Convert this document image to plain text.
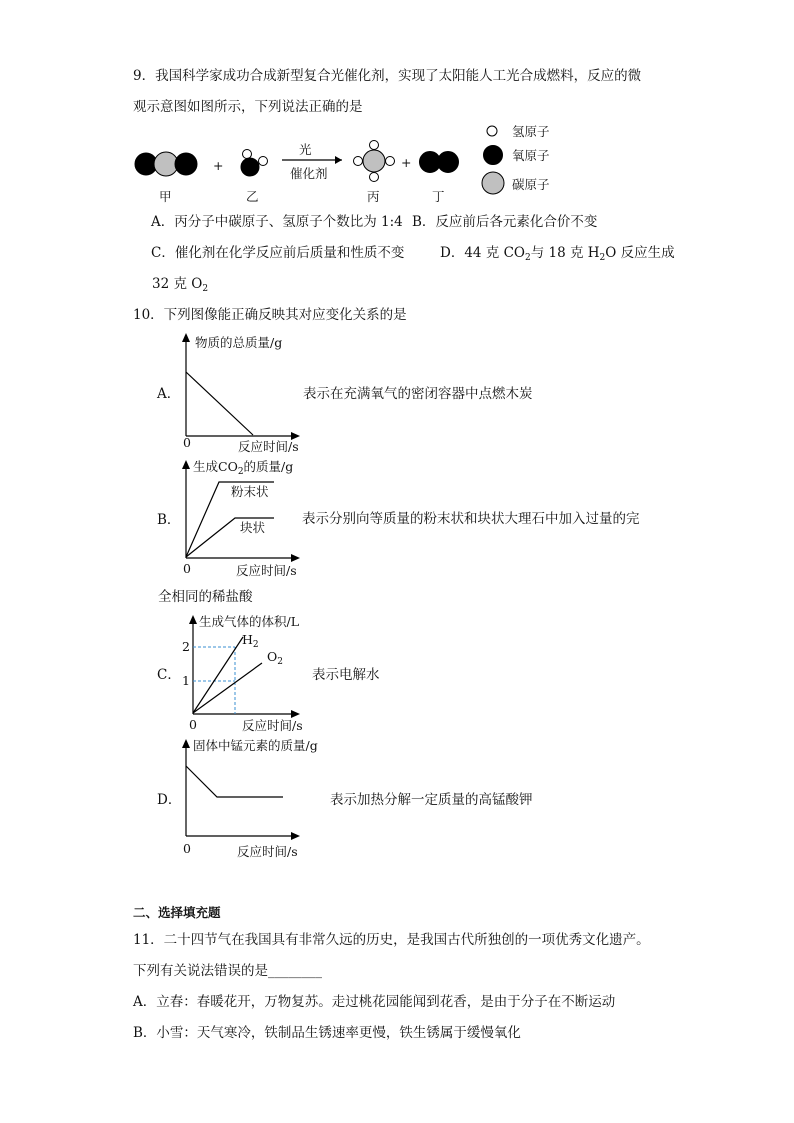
9．我国科学家成功合成新型复合光催化剂，实现了太阳能人工光合成燃料，反应的微
观示意图如图所示，下列说法正确的是
+
光
催化剂
+
甲	乙	丙	丁
氢原子
氧原子
碳原子
A．丙分子中碳原子、氢原子个数比为 1:4 B．反应前后各元素化合价不变
C．催化剂在化学反应前后质量和性质不变	D．44 克 $CO_2$与 18 克 $H_2O$ 反应生成
32 克 $O_2$
10．下列图像能正确反映其对应变化关系的是
A．
物质的总质量/g
反应时间/s
0
表示在充满氧气的密闭容器中点燃木炭
B．
生成$CO_2$的质量/g
粉末状
块状
反应时间/s
0
表示分别向等质量的粉末状和块状大理石中加入过量的完
全相同的稀盐酸
C．
生成气体的体积/L
2
1
$H_2$
$O_2$
反应时间/s
0
表示电解水
D．
固体中锰元素的质量/g
反应时间/s
0
表示加热分解一定质量的高锰酸钾
二、选择填充题
11．二十四节气在我国具有非常久远的历史，是我国古代所独创的一项优秀文化遗产。
下列有关说法错误的是________
A．立春：春暖花开，万物复苏。走过桃花园能闻到花香，是由于分子在不断运动
B．小雪：天气寒冷，铁制品生锈速率更慢，铁生锈属于缓慢氧化
